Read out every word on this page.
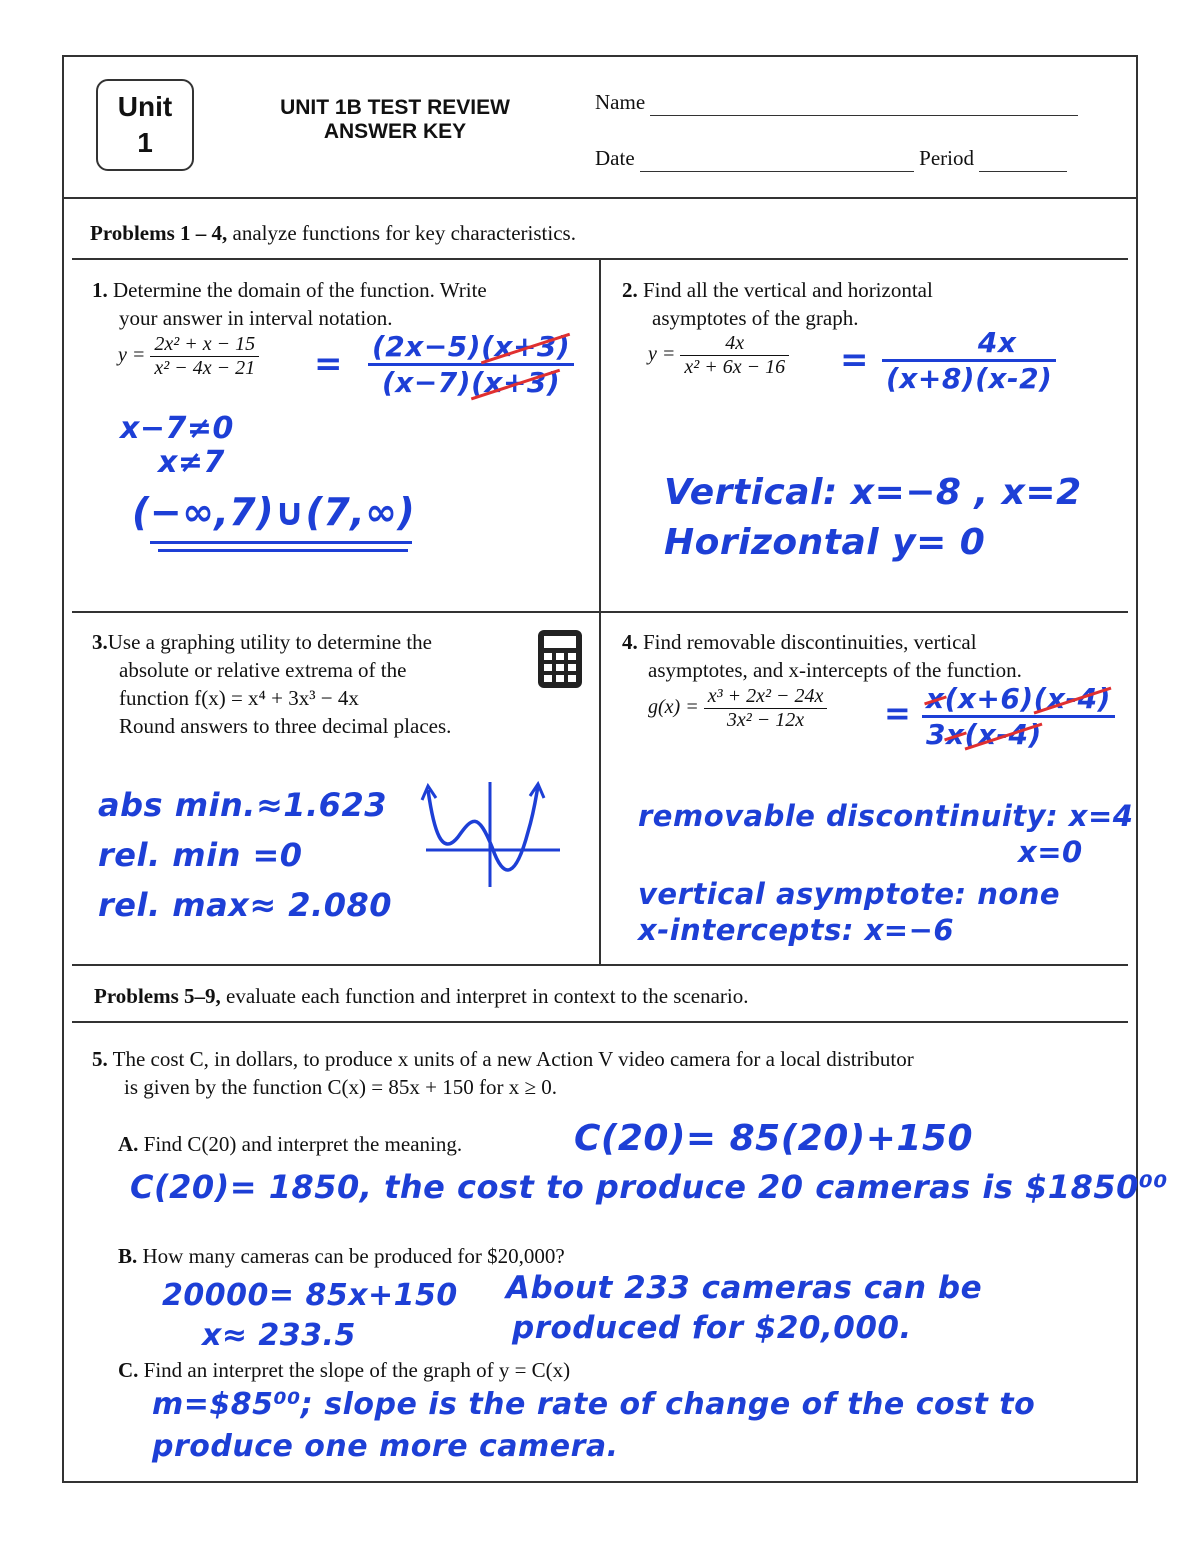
Unit
1
UNIT 1B TEST REVIEW
ANSWER KEY
Name
Date	Period
Problems 1 – 4, analyze functions for key characteristics.
1. Determine the domain of the function. Write
your answer in interval notation.
$y = \frac{\text{2x² + x − 15}}{\text{x² − 4x − 21}} = \frac{(2x-5)(x+3)}{(x-7)(x+3)}$
x−7≠0
x≠7
(−∞,7)∪(7,∞)
2. Find all the vertical and horizontal
asymptotes of the graph.
$y = \frac{4x}{\text{x² + 6x − 16}} = \frac{4x}{(x+8)(x-2)}$
Vertical: x=−8 , x=2
Horizontal y= 0
3.Use a graphing utility to determine the
absolute or relative extrema of the
function f(x) = x⁴ + 3x³ − 4x
Round answers to three decimal places.
abs min.≈1.623
rel. min =0
rel. max≈ 2.080
4. Find removable discontinuities, vertical
asymptotes, and x-intercepts of the function.
$g(x) = \frac{\text{x³ + 2x² − 24x}}{\text{3x² − 12x}} = \frac{x(x+6)(x-4)}{3x(x-4)}$
removable discontinuity: x=4
x=0
vertical asymptote: none
x-intercepts: x=−6
Problems 5–9, evaluate each function and interpret in context to the scenario.
5. The cost C, in dollars, to produce x units of a new Action V video camera for a local distributor
is given by the function C(x) = 85x + 150 for x ≥ 0.
A. Find C(20) and interpret the meaning.	C(20)= 85(20)+150
C(20)= 1850, the cost to produce 20 cameras is $1850⁰⁰
B. How many cameras can be produced for $20,000?
20000= 85x+150
x≈ 233.5
About 233 cameras can be
produced for $20,000.
C. Find an interpret the slope of the graph of y = C(x)
m=$85⁰⁰; slope is the rate of change of the cost to
produce one more camera.
